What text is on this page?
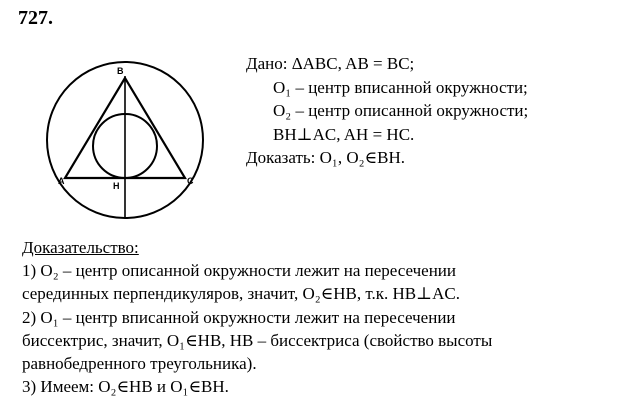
727.
B
A	H	C
Дано: ΔABC, AB = BC;
O₁ – центр вписанной окружности;
O₂ – центр описанной окружности;
BH⊥AC, AH = HC.
Доказать: O₁, O₂∈BH.
Доказательство:
1) O₂ – центр описанной окружности лежит на пересечении
серединных перпендикуляров, значит, O₂∈HB, т.к. HB⊥AC.
2) O₁ – центр вписанной окружности лежит на пересечении
биссектрис, значит, O₁∈HB, HB – биссектриса (свойство высоты
равнобедренного треугольника).
3) Имеем: O₂∈HB и O₁∈BH.
